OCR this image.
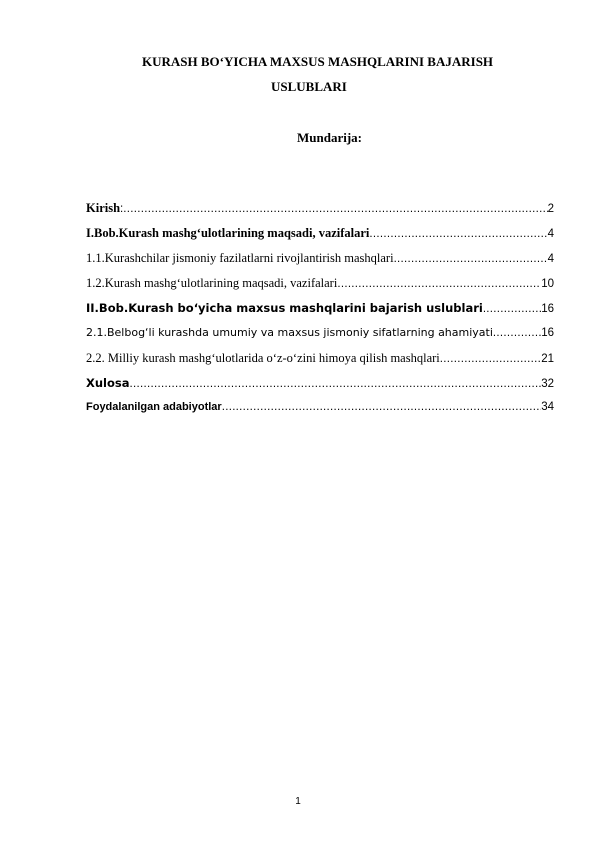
KURASH BO‘YICHA MAXSUS MASHQLARINI BAJARISH
USLUBLARI
Mundarija:
Kirish : .....	2
I.Bob.Kurash mashg‘ulotlarining maqsadi, vazifalari .....	4
1.1.Kurashchilar jismoniy fazilatlarni rivojlantirish mashqlari .....	4
1.2.Kurash mashg‘ulotlarining maqsadi, vazifalari .....	10
II.Bob.Kurash bo‘yicha maxsus mashqlarini bajarish uslublari .....	16
2.1.Belbog‘li kurashda umumiy va maxsus jismoniy sifatlarning ahamiyati .....	16
2.2. Milliy kurash mashg‘ulotlarida o‘z-o‘zini himoya qilish mashqlari .....	21
Xulosa .....	32
Foydalanilgan adabiyotlar .....	34
1
